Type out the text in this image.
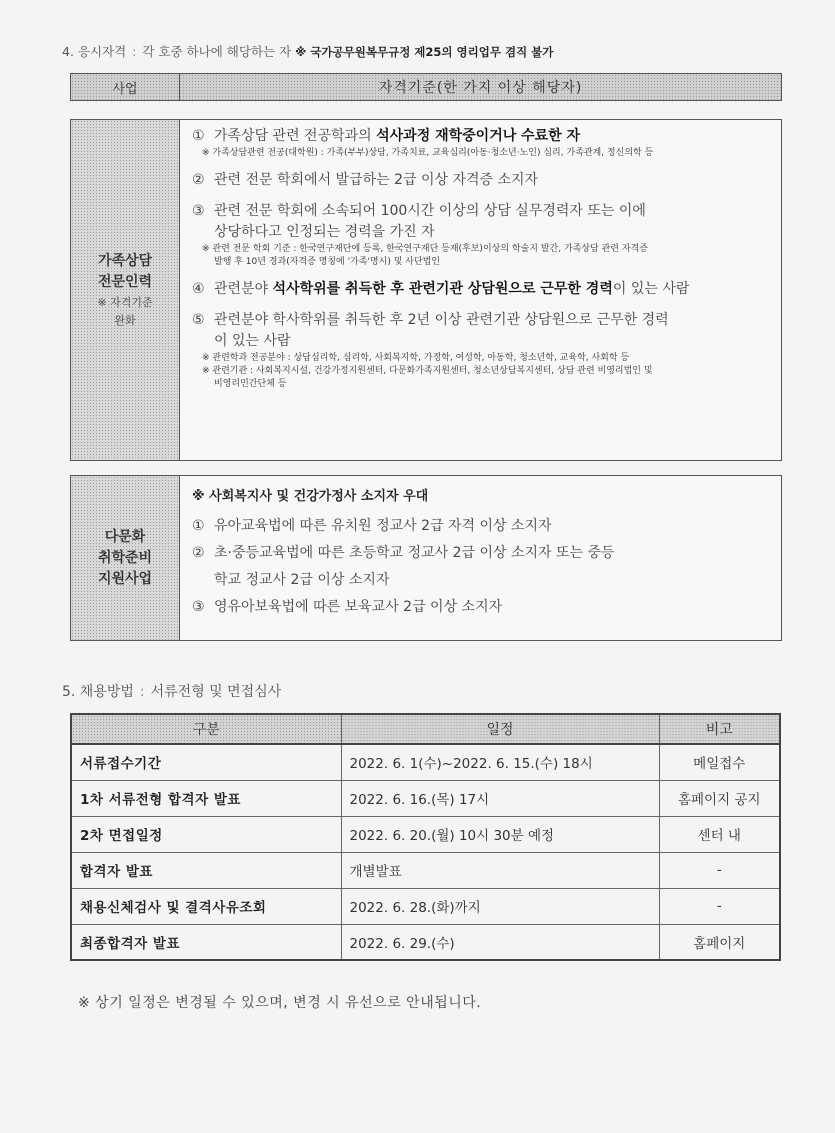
4. 응시자격 : 각 호중 하나에 해당하는 자 ※ 국가공무원복무규정 제25의 영리업무 겸직 불가
사업	자격기준(한 가지 이상 해당자)
가족상담
전문인력
※ 자격기준
완화
① 가족상담 관련 전공학과의 석사과정 재학중이거나 수료한 자
※ 가족상담관련 전공(대학원) : 가족(부부)상담, 가족치료, 교육심리(아동·청소년·노인) 심리, 가족관계, 정신의학 등
② 관련 전문 학회에서 발급하는 2급 이상 자격증 소지자
③ 관련 전문 학회에 소속되어 100시간 이상의 상담 실무경력자 또는 이에
상당하다고 인정되는 경력을 가진 자
※ 관련 전문 학회 기준 : 한국연구재단에 등록, 한국연구재단 등재(후보)이상의 학술지 발간, 가족상담 관련 자격증
발행 후 10년 경과(자격증 명칭에 '가족'명시) 및 사단법인
④ 관련분야 석사학위를 취득한 후 관련기관 상담원으로 근무한 경력이 있는 사람
⑤ 관련분야 학사학위를 취득한 후 2년 이상 관련기관 상담원으로 근무한 경력
이 있는 사람
※ 관련학과 전공분야 : 상담심리학, 심리학, 사회복지학, 가정학, 여성학, 아동학, 청소년학, 교육학, 사회학 등
※ 관련기관 : 사회복지시설, 건강가정지원센터, 다문화가족지원센터, 청소년상담복지센터, 상담 관련 비영리법인 및
비영리민간단체 등
다문화
취학준비
지원사업
※ 사회복지사 및 건강가정사 소지자 우대
① 유아교육법에 따른 유치원 정교사 2급 자격 이상 소지자
② 초·중등교육법에 따른 초등학교 정교사 2급 이상 소지자 또는 중등
학교 정교사 2급 이상 소지자
③ 영유아보육법에 따른 보육교사 2급 이상 소지자
5. 채용방법 : 서류전형 및 면접심사
구분	일정	비고
서류접수기간	2022. 6. 1(수)~2022. 6. 15.(수) 18시	메일접수
1차 서류전형 합격자 발표	2022. 6. 16.(목) 17시	홈페이지 공지
2차 면접일정	2022. 6. 20.(월) 10시 30분 예정	센터 내
합격자 발표	개별발표	-
채용신체검사 및 결격사유조회	2022. 6. 28.(화)까지	-
최종합격자 발표	2022. 6. 29.(수)	홈페이지
※ 상기 일정은 변경될 수 있으며, 변경 시 유선으로 안내됩니다.
